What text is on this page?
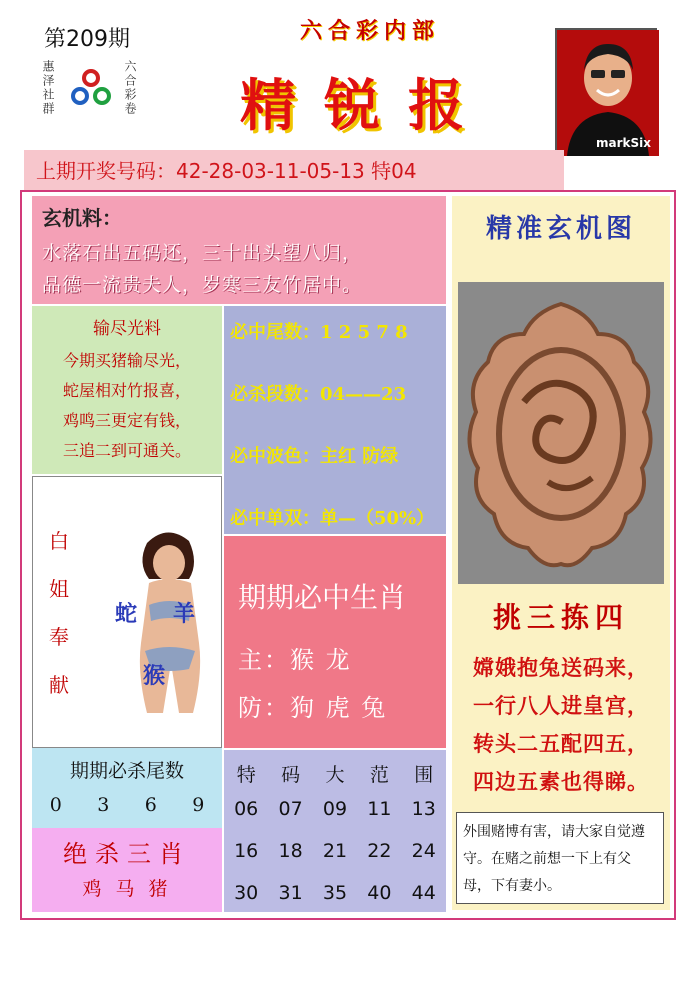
第209期
惠泽社群	六合彩卷
六合彩内部
精锐报
markSix
上期开奖号码：42-28-03-11-05-13 特04
玄机料：
水落石出五码还，三十出头望八归，
品德一流贵夫人，岁寒三友竹居中。
输尽光料
今期买猪输尽光，
蛇屋相对竹报喜，
鸡鸣三更定有钱，
三追二到可通关。
必中尾数：1 2 5 7 8
必杀段数：04——23
必中波色：主红 防绿
必中单双：单—（50%）
白姐奉献
蛇 羊
猴
期期必中生肖
主：猴 龙
防：狗 虎 兔
期期必杀尾数
0 3 6 9
绝杀三肖
鸡 马 猪
特 码 大 范 围
06 07 09 11 13
16 18 21 22 24
30 31 35 40 44
精准玄机图
挑三拣四
嫦娥抱兔送码来，
一行八人进皇宫，
转头二五配四五，
四边五素也得睇。
外围赌博有害，请大家自觉遵守。在赌之前想一下上有父母，下有妻小。
